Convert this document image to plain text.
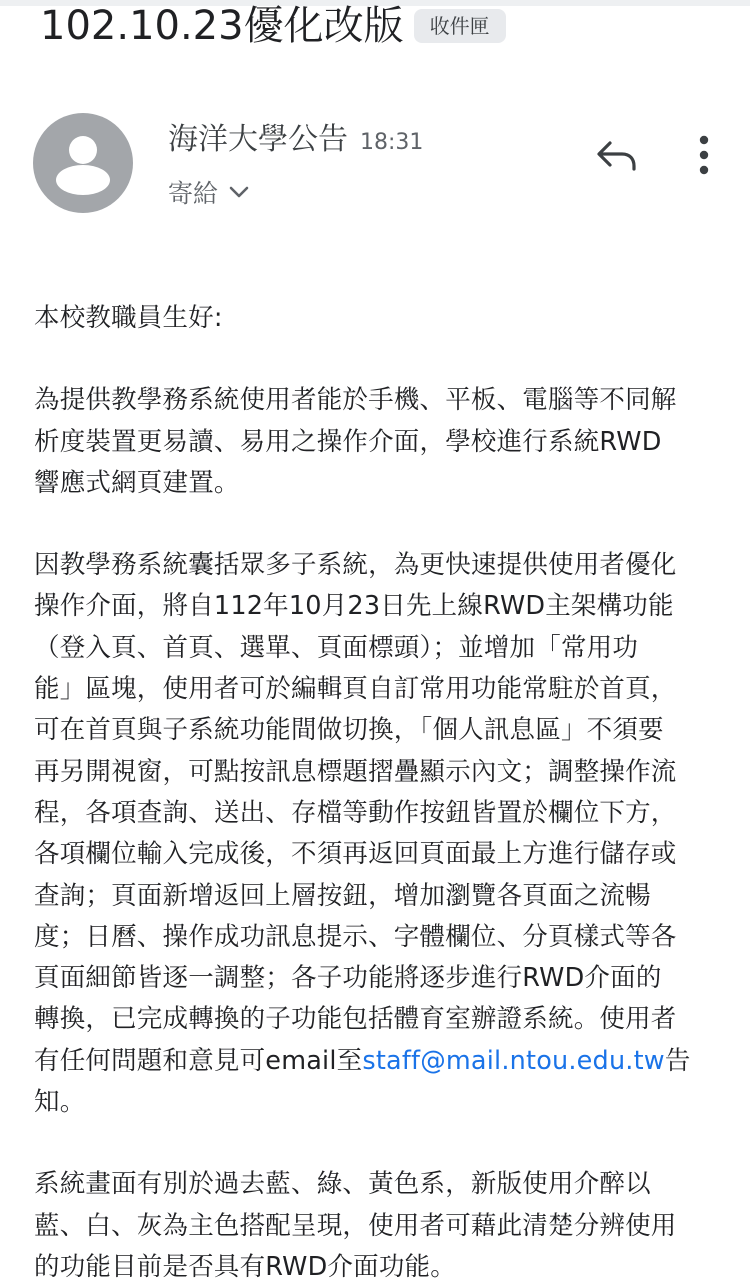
102.10.23優化改版	收件匣
海洋大學公告 18:31
寄給

本校教職員生好:

為提供教學務系統使用者能於手機、平板、電腦等不同解
析度裝置更易讀、易用之操作介面，學校進行系統RWD
響應式網頁建置。

因教學務系統囊括眾多子系統，為更快速提供使用者優化
操作介面，將自112年10月23日先上線RWD主架構功能
（登入頁、首頁、選單、頁面標頭）；並增加「常用功
能」區塊，使用者可於編輯頁自訂常用功能常駐於首頁，
可在首頁與子系統功能間做切換，「個人訊息區」不須要
再另開視窗，可點按訊息標題摺疊顯示內文；調整操作流
程，各項查詢、送出、存檔等動作按鈕皆置於欄位下方，
各項欄位輸入完成後，不須再返回頁面最上方進行儲存或
查詢；頁面新增返回上層按鈕，增加瀏覽各頁面之流暢
度；日曆、操作成功訊息提示、字體欄位、分頁樣式等各
頁面細節皆逐一調整；各子功能將逐步進行RWD介面的
轉換，已完成轉換的子功能包括體育室辦證系統。使用者
有任何問題和意見可email至staff@mail.ntou.edu.tw告
知。

系統畫面有別於過去藍、綠、黃色系，新版使用介醉以
藍、白、灰為主色搭配呈現，使用者可藉此清楚分辨使用
的功能目前是否具有RWD介面功能。
